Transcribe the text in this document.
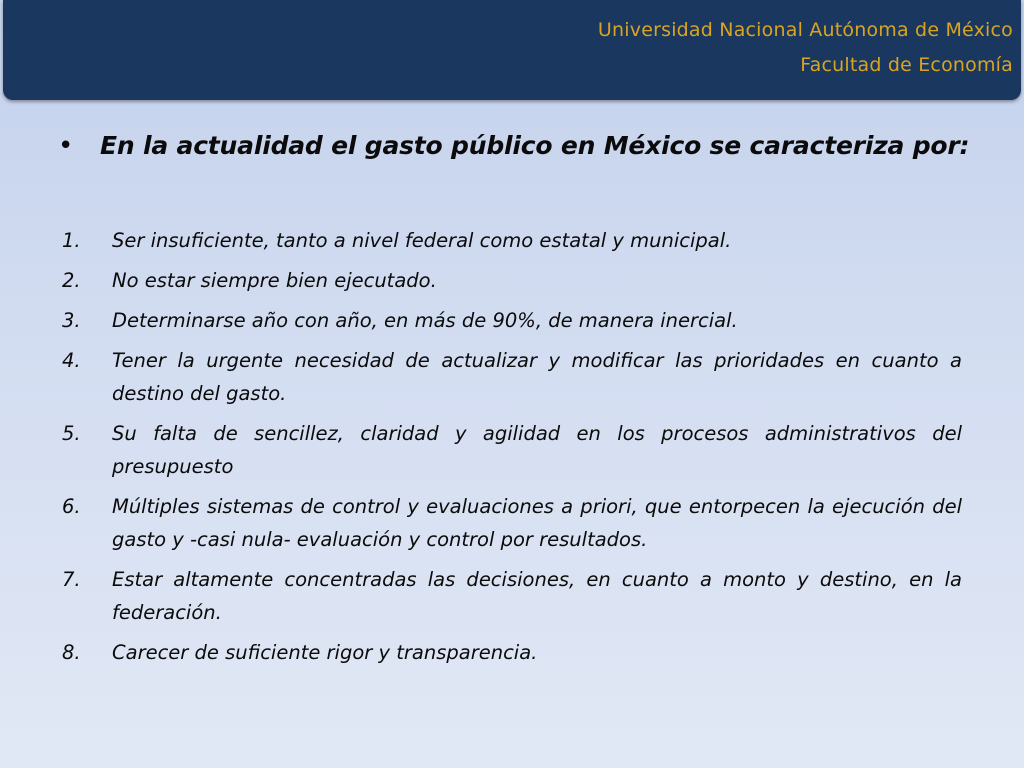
Universidad Nacional Autónoma de México
Facultad de Economía
• En la actualidad el gasto público en México se caracteriza por:
1. Ser insuficiente, tanto a nivel federal como estatal y municipal.
2. No estar siempre bien ejecutado.
3. Determinarse año con año, en más de 90%, de manera inercial.
4. Tener la urgente necesidad de actualizar y modificar las prioridades en cuanto a destino del gasto.
5. Su falta de sencillez, claridad y agilidad en los procesos administrativos del presupuesto
6. Múltiples sistemas de control y evaluaciones a priori, que entorpecen la ejecución del gasto y -casi nula- evaluación y control por resultados.
7. Estar altamente concentradas las decisiones, en cuanto a monto y destino, en la federación.
8. Carecer de suficiente rigor y transparencia.
